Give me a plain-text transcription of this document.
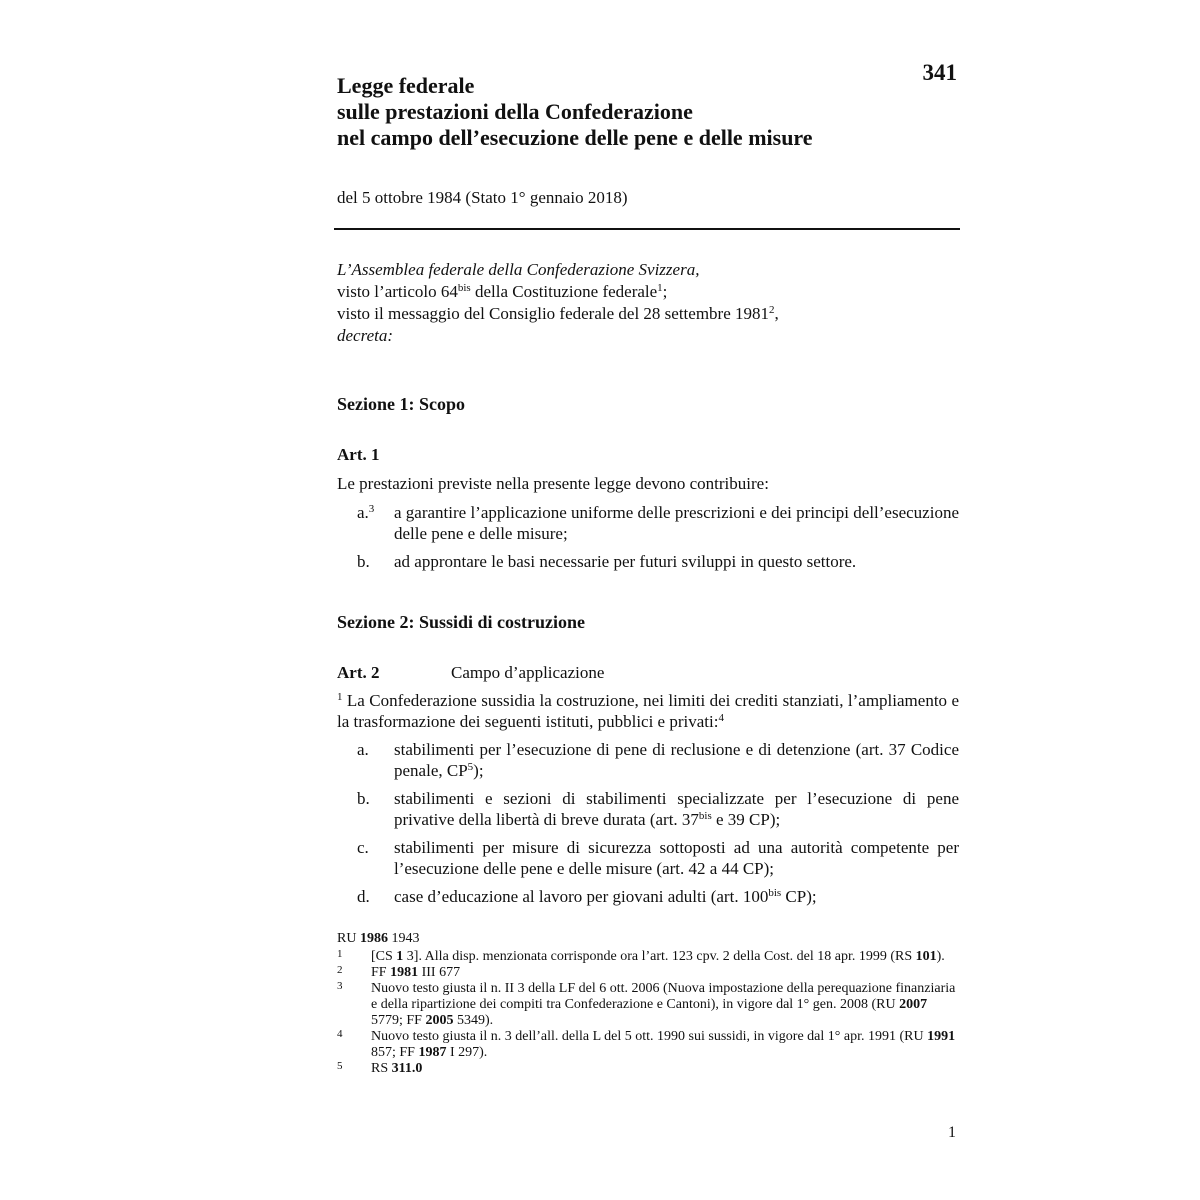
341

Legge federale
sulle prestazioni della Confederazione
nel campo dell’esecuzione delle pene e delle misure

del 5 ottobre 1984 (Stato 1° gennaio 2018)

L’Assemblea federale della Confederazione Svizzera,

visto l’articolo $64^{bis}$ della Costituzione federale$^1$;

visto il messaggio del Consiglio federale del 28 settembre 1981$^2$,

decreta:

Sezione 1: Scopo
Art. 1

Le prestazioni previste nella presente legge devono contribuire:

a.$^3$ a garantire l’applicazione uniforme delle prescrizioni e dei principi dell’esecuzione delle pene e delle misure;
b. ad approntare le basi necessarie per futuri sviluppi in questo settore.
Sezione 2: Sussidi di costruzione
Art. 2	Campo d’applicazione

$^1$ La Confederazione sussidia la costruzione, nei limiti dei crediti stanziati, l’ampliamento e la trasformazione dei seguenti istituti, pubblici e privati:$^4$

a. stabilimenti per l’esecuzione di pene di reclusione e di detenzione (art. 37 Codice penale, $CP^5$);
b. stabilimenti e sezioni di stabilimenti specializzate per l’esecuzione di pene privative della libertà di breve durata (art. $37^{bis}$ e 39 CP);
c. stabilimenti per misure di sicurezza sottoposti ad una autorità competente per l’esecuzione delle pene e delle misure (art. 42 a 44 CP);
d. case d’educazione al lavoro per giovani adulti (art. $100^{bis}$ CP);

RU 1986 1943

1 [CS 1 3]. Alla disp. menzionata corrisponde ora l’art. 123 cpv. 2 della Cost. del 18 apr. 1999 (RS 101).

2 FF 1981 III 677

3 Nuovo testo giusta il n. II 3 della LF del 6 ott. 2006 (Nuova impostazione della perequazione finanziaria e della ripartizione dei compiti tra Confederazione e Cantoni), in vigore dal 1° gen. 2008 (RU 2007 5779; FF 2005 5349).

4 Nuovo testo giusta il n. 3 dell’all. della L del 5 ott. 1990 sui sussidi, in vigore dal 1° apr. 1991 (RU 1991 857; FF 1987 I 297).

5 RS 311.0

1
